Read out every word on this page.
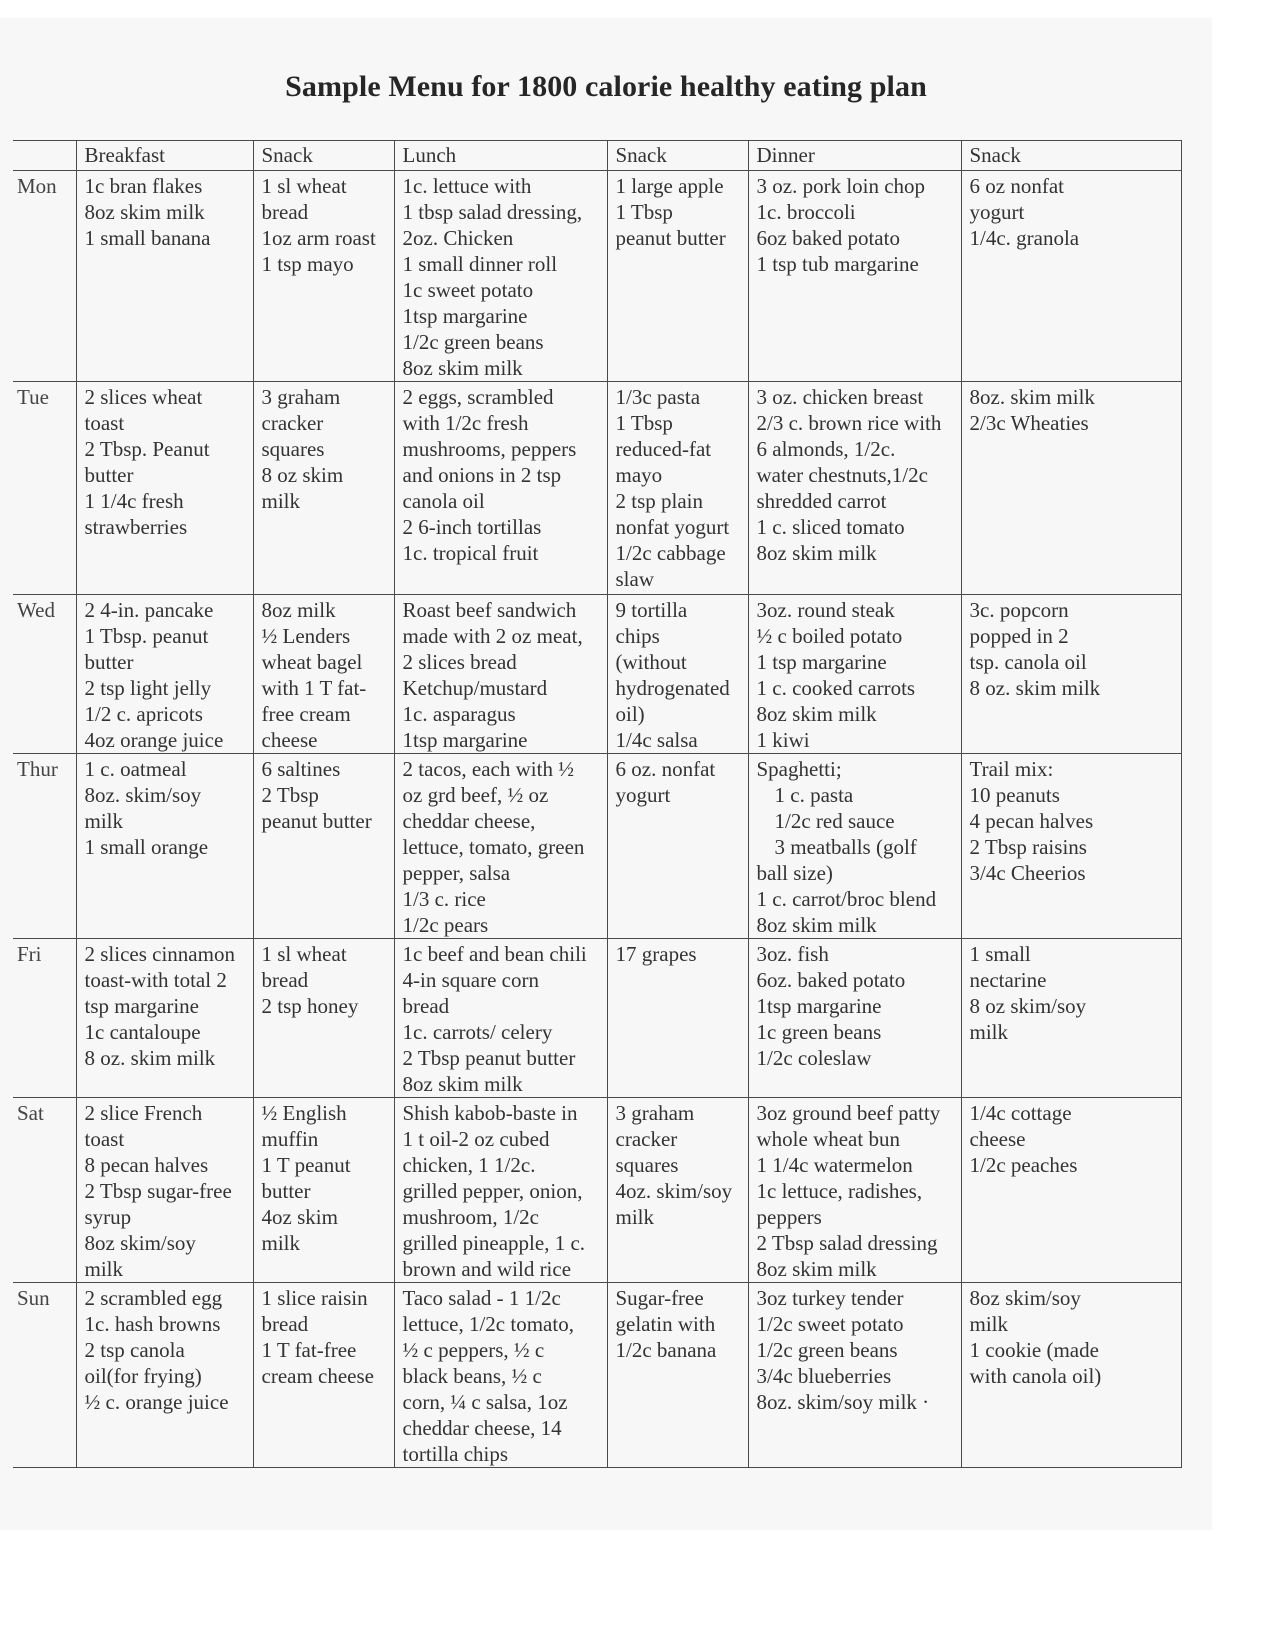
Sample Menu for 1800 calorie healthy eating plan
	Breakfast	Snack	Lunch	Snack	Dinner	Snack
Mon	1c bran flakes
8oz skim milk
1 small banana

1 sl wheat
bread
1oz arm roast
1 tsp mayo

1c. lettuce with
1 tbsp salad dressing,
2oz. Chicken
1 small dinner roll
1c sweet potato
1tsp margarine
1/2c green beans
8oz skim milk

1 large apple
1 Tbsp
peanut butter

3 oz. pork loin chop
1c. broccoli
6oz baked potato
1 tsp tub margarine

6 oz nonfat
yogurt
1/4c. granola

Tue	2 slices wheat
toast
2 Tbsp. Peanut
butter
1 1/4c fresh
strawberries

3 graham
cracker
squares
8 oz skim
milk

2 eggs, scrambled
with 1/2c fresh
mushrooms, peppers
and onions in 2 tsp
canola oil
2 6-inch tortillas
1c. tropical fruit

1/3c pasta
1 Tbsp
reduced-fat
mayo
2 tsp plain
nonfat yogurt
1/2c cabbage
slaw

3 oz. chicken breast
2/3 c. brown rice with
6 almonds, 1/2c.
water chestnuts,1/2c
shredded carrot
1 c. sliced tomato
8oz skim milk

8oz. skim milk
2/3c Wheaties

Wed	2 4-in. pancake
1 Tbsp. peanut
butter
2 tsp light jelly
1/2 c. apricots
4oz orange juice

8oz milk
½ Lenders
wheat bagel
with 1 T fat-
free cream
cheese

Roast beef sandwich
made with 2 oz meat,
2 slices bread
Ketchup/mustard
1c. asparagus
1tsp margarine

9 tortilla
chips
(without
hydrogenated
oil)
1/4c salsa

3oz. round steak
½ c boiled potato
1 tsp margarine
1 c. cooked carrots
8oz skim milk
1 kiwi

3c. popcorn
popped in 2
tsp. canola oil
8 oz. skim milk

Thur	1 c. oatmeal
8oz. skim/soy
milk
1 small orange

6 saltines
2 Tbsp
peanut butter

2 tacos, each with ½
oz grd beef, ½ oz
cheddar cheese,
lettuce, tomato, green
pepper, salsa
1/3 c. rice
1/2c pears

6 oz. nonfat
yogurt

Spaghetti;
1 c. pasta
1/2c red sauce
3 meatballs (golf
ball size)
1 c. carrot/broc blend
8oz skim milk

Trail mix:
10 peanuts
4 pecan halves
2 Tbsp raisins
3/4c Cheerios

Fri	2 slices cinnamon
toast-with total 2
tsp margarine
1c cantaloupe
8 oz. skim milk

1 sl wheat
bread
2 tsp honey

1c beef and bean chili
4-in square corn
bread
1c. carrots/ celery
2 Tbsp peanut butter
8oz skim milk

17 grapes	3oz. fish
6oz. baked potato
1tsp margarine
1c green beans
1/2c coleslaw

1 small
nectarine
8 oz skim/soy
milk

Sat	2 slice French
toast
8 pecan halves
2 Tbsp sugar-free
syrup
8oz skim/soy
milk

½ English
muffin
1 T peanut
butter
4oz skim
milk

Shish kabob-baste in
1 t oil-2 oz cubed
chicken, 1 1/2c.
grilled pepper, onion,
mushroom, 1/2c
grilled pineapple, 1 c.
brown and wild rice

3 graham
cracker
squares
4oz. skim/soy
milk

3oz ground beef patty
whole wheat bun
1 1/4c watermelon
1c lettuce, radishes,
peppers
2 Tbsp salad dressing
8oz skim milk

1/4c cottage
cheese
1/2c peaches

Sun	2 scrambled egg
1c. hash browns
2 tsp canola
oil(for frying)
½ c. orange juice

1 slice raisin
bread
1 T fat-free
cream cheese

Taco salad - 1 1/2c
lettuce, 1/2c tomato,
½ c peppers, ½ c
black beans, ½ c
corn, ¼ c salsa, 1oz
cheddar cheese, 14
tortilla chips

Sugar-free
gelatin with
1/2c banana

3oz turkey tender
1/2c sweet potato
1/2c green beans
3/4c blueberries
8oz. skim/soy milk ·

8oz skim/soy
milk
1 cookie (made
with canola oil)
